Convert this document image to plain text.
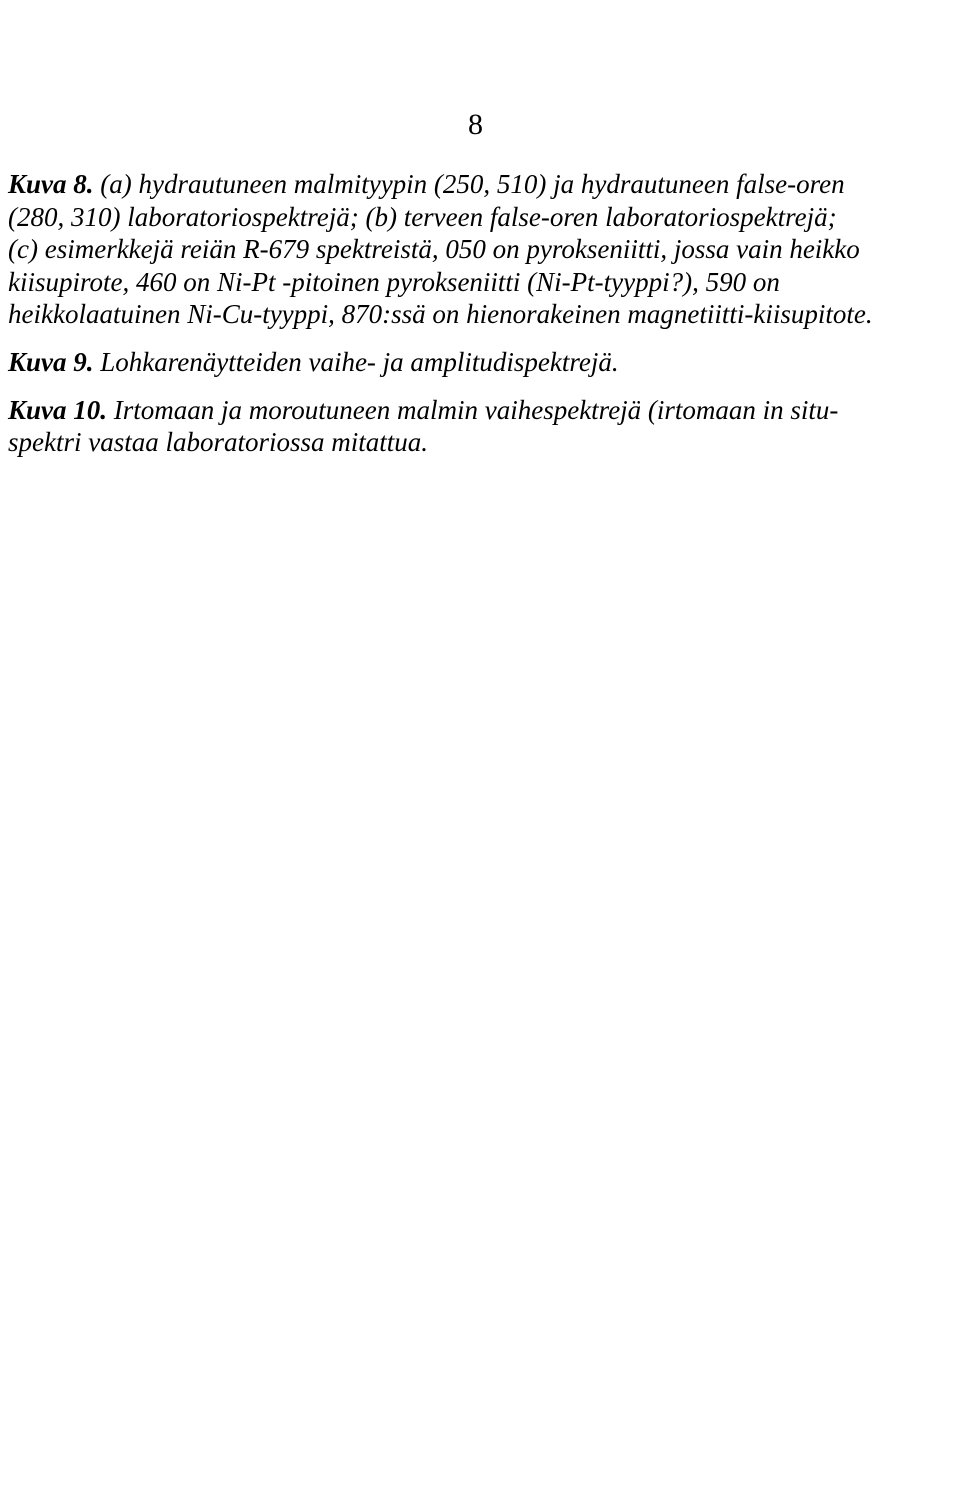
8

Kuva 8. (a) hydrautuneen malmityypin (250, 510) ja hydrautuneen false-oren
(280, 310) laboratoriospektrejä; (b) terveen false-oren laboratoriospektrejä;
(c) esimerkkejä reiän R-679 spektreistä, 050 on pyrokseniitti, jossa vain heikko
kiisupirote, 460 on Ni-Pt -pitoinen pyrokseniitti (Ni-Pt-tyyppi?), 590 on
heikkolaatuinen Ni-Cu-tyyppi, 870:ssä on hienorakeinen magnetiitti-kiisupitote.

Kuva 9. Lohkarenäytteiden vaihe- ja amplitudispektrejä.

Kuva 10. Irtomaan ja moroutuneen malmin vaihespektrejä (irtomaan in situ-
spektri vastaa laboratoriossa mitattua.
